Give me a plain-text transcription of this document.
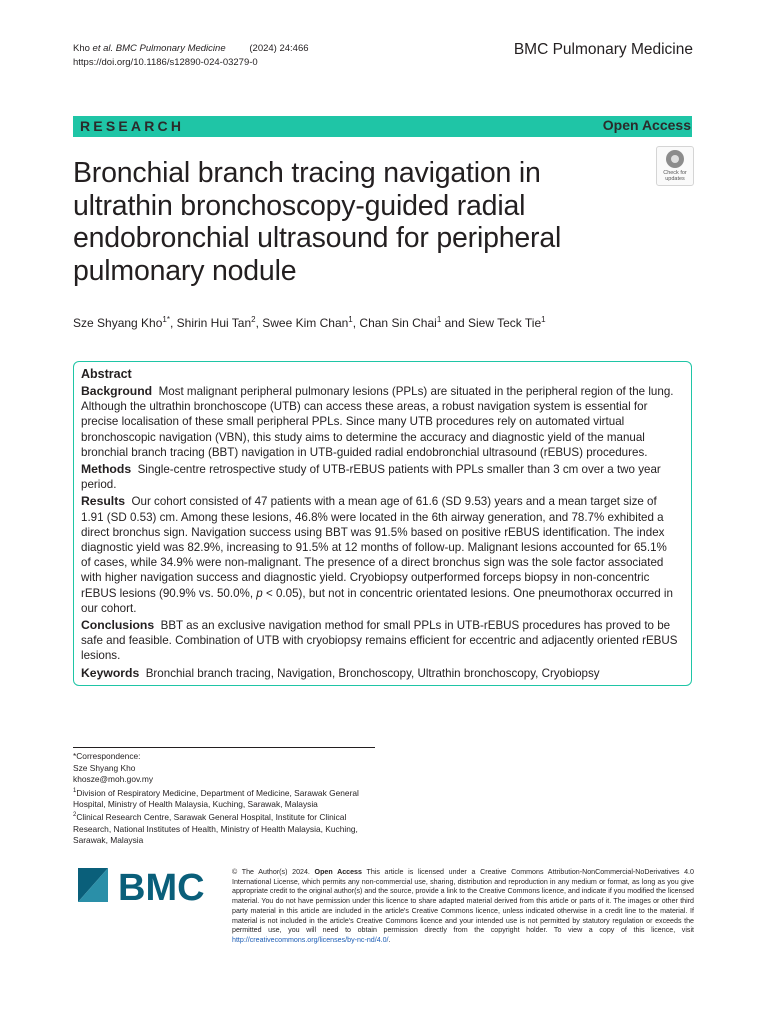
Kho et al. BMC Pulmonary Medicine	(2024) 24:466
https://doi.org/10.1186/s12890-024-03279-0
BMC Pulmonary Medicine
RESEARCH	Open Access
Check for
updates
Bronchial branch tracing navigation in ultrathin bronchoscopy-guided radial endobronchial ultrasound for peripheral pulmonary nodule
Sze Shyang Kho$^{1*}$, Shirin Hui Tan$^2$, Swee Kim Chan$^1$, Chan Sin Chai$^1$ and Siew Teck Tie$^1$
Abstract

Background Most malignant peripheral pulmonary lesions (PPLs) are situated in the peripheral region of the lung. Although the ultrathin bronchoscope (UTB) can access these areas, a robust navigation system is essential for precise localisation of these small peripheral PPLs. Since many UTB procedures rely on automated virtual bronchoscopic navigation (VBN), this study aims to determine the accuracy and diagnostic yield of the manual bronchial branch tracing (BBT) navigation in UTB-guided radial endobronchial ultrasound (rEBUS) procedures.

Methods Single-centre retrospective study of UTB-rEBUS patients with PPLs smaller than 3 cm over a two year period.

Results Our cohort consisted of 47 patients with a mean age of 61.6 (SD 9.53) years and a mean target size of 1.91 (SD 0.53) cm. Among these lesions, 46.8% were located in the 6th airway generation, and 78.7% exhibited a direct bronchus sign. Navigation success using BBT was 91.5% based on positive rEBUS identification. The index diagnostic yield was 82.9%, increasing to 91.5% at 12 months of follow-up. Malignant lesions accounted for 65.1% of cases, while 34.9% were non-malignant. The presence of a direct bronchus sign was the sole factor associated with higher navigation success and diagnostic yield. Cryobiopsy outperformed forceps biopsy in non-concentric rEBUS lesions (90.9% vs. 50.0%, p < 0.05), but not in concentric orientated lesions. One pneumothorax occurred in our cohort.

Conclusions BBT as an exclusive navigation method for small PPLs in UTB-rEBUS procedures has proved to be safe and feasible. Combination of UTB with cryobiopsy remains efficient for eccentric and adjacently oriented rEBUS lesions.

Keywords Bronchial branch tracing, Navigation, Bronchoscopy, Ultrathin bronchoscopy, Cryobiopsy

*Correspondence:
Sze Shyang Kho
khosze@moh.gov.my
$^1$Division of Respiratory Medicine, Department of Medicine, Sarawak General Hospital, Ministry of Health Malaysia, Kuching, Sarawak, Malaysia
$^2$Clinical Research Centre, Sarawak General Hospital, Institute for Clinical Research, National Institutes of Health, Ministry of Health Malaysia, Kuching, Sarawak, Malaysia
BMC	© The Author(s) 2024. Open Access This article is licensed under a Creative Commons Attribution-NonCommercial-NoDerivatives 4.0 International License, which permits any non-commercial use, sharing, distribution and reproduction in any medium or format, as long as you give appropriate credit to the original author(s) and the source, provide a link to the Creative Commons licence, and indicate if you modified the licensed material. You do not have permission under this licence to share adapted material derived from this article or parts of it. The images or other third party material in this article are included in the article's Creative Commons licence, unless indicated otherwise in a credit line to the material. If material is not included in the article's Creative Commons licence and your intended use is not permitted by statutory regulation or exceeds the permitted use, you will need to obtain permission directly from the copyright holder. To view a copy of this licence, visit http://creativecommons.org/licenses/by-nc-nd/4.0/.
